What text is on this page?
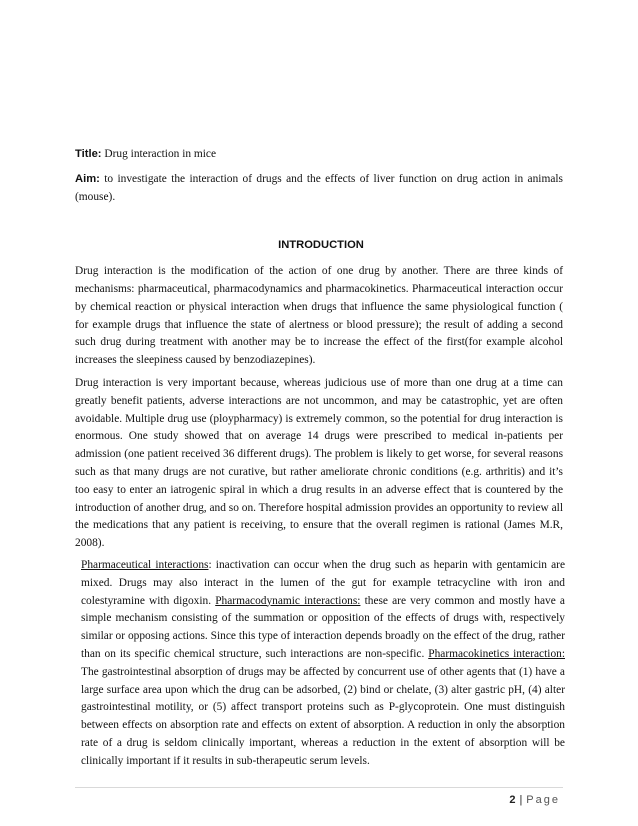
Title: Drug interaction in mice

Aim: to investigate the interaction of drugs and the effects of liver function on drug action in animals (mouse).

INTRODUCTION

Drug interaction is the modification of the action of one drug by another. There are three kinds of mechanisms: pharmaceutical, pharmacodynamics and pharmacokinetics. Pharmaceutical interaction occur by chemical reaction or physical interaction when drugs that influence the same physiological function ( for example drugs that influence the state of alertness or blood pressure); the result of adding a second such drug during treatment with another may be to increase the effect of the first(for example alcohol increases the sleepiness caused by benzodiazepines).

Drug interaction is very important because, whereas judicious use of more than one drug at a time can greatly benefit patients, adverse interactions are not uncommon, and may be catastrophic, yet are often avoidable. Multiple drug use (ploypharmacy) is extremely common, so the potential for drug interaction is enormous. One study showed that on average 14 drugs were prescribed to medical in-patients per admission (one patient received 36 different drugs). The problem is likely to get worse, for several reasons such as that many drugs are not curative, but rather ameliorate chronic conditions (e.g. arthritis) and it’s too easy to enter an iatrogenic spiral in which a drug results in an adverse effect that is countered by the introduction of another drug, and so on. Therefore hospital admission provides an opportunity to review all the medications that any patient is receiving, to ensure that the overall regimen is rational (James M.R, 2008).

Pharmaceutical interactions: inactivation can occur when the drug such as heparin with gentamicin are mixed. Drugs may also interact in the lumen of the gut for example tetracycline with iron and colestyramine with digoxin. Pharmacodynamic interactions: these are very common and mostly have a simple mechanism consisting of the summation or opposition of the effects of drugs with, respectively similar or opposing actions. Since this type of interaction depends broadly on the effect of the drug, rather than on its specific chemical structure, such interactions are non-specific. Pharmacokinetics interaction: The gastrointestinal absorption of drugs may be affected by concurrent use of other agents that (1) have a large surface area upon which the drug can be adsorbed, (2) bind or chelate, (3) alter gastric pH, (4) alter gastrointestinal motility, or (5) affect transport proteins such as P-glycoprotein. One must distinguish between effects on absorption rate and effects on extent of absorption. A reduction in only the absorption rate of a drug is seldom clinically important, whereas a reduction in the extent of absorption will be clinically important if it results in sub-therapeutic serum levels.

2 | Page
